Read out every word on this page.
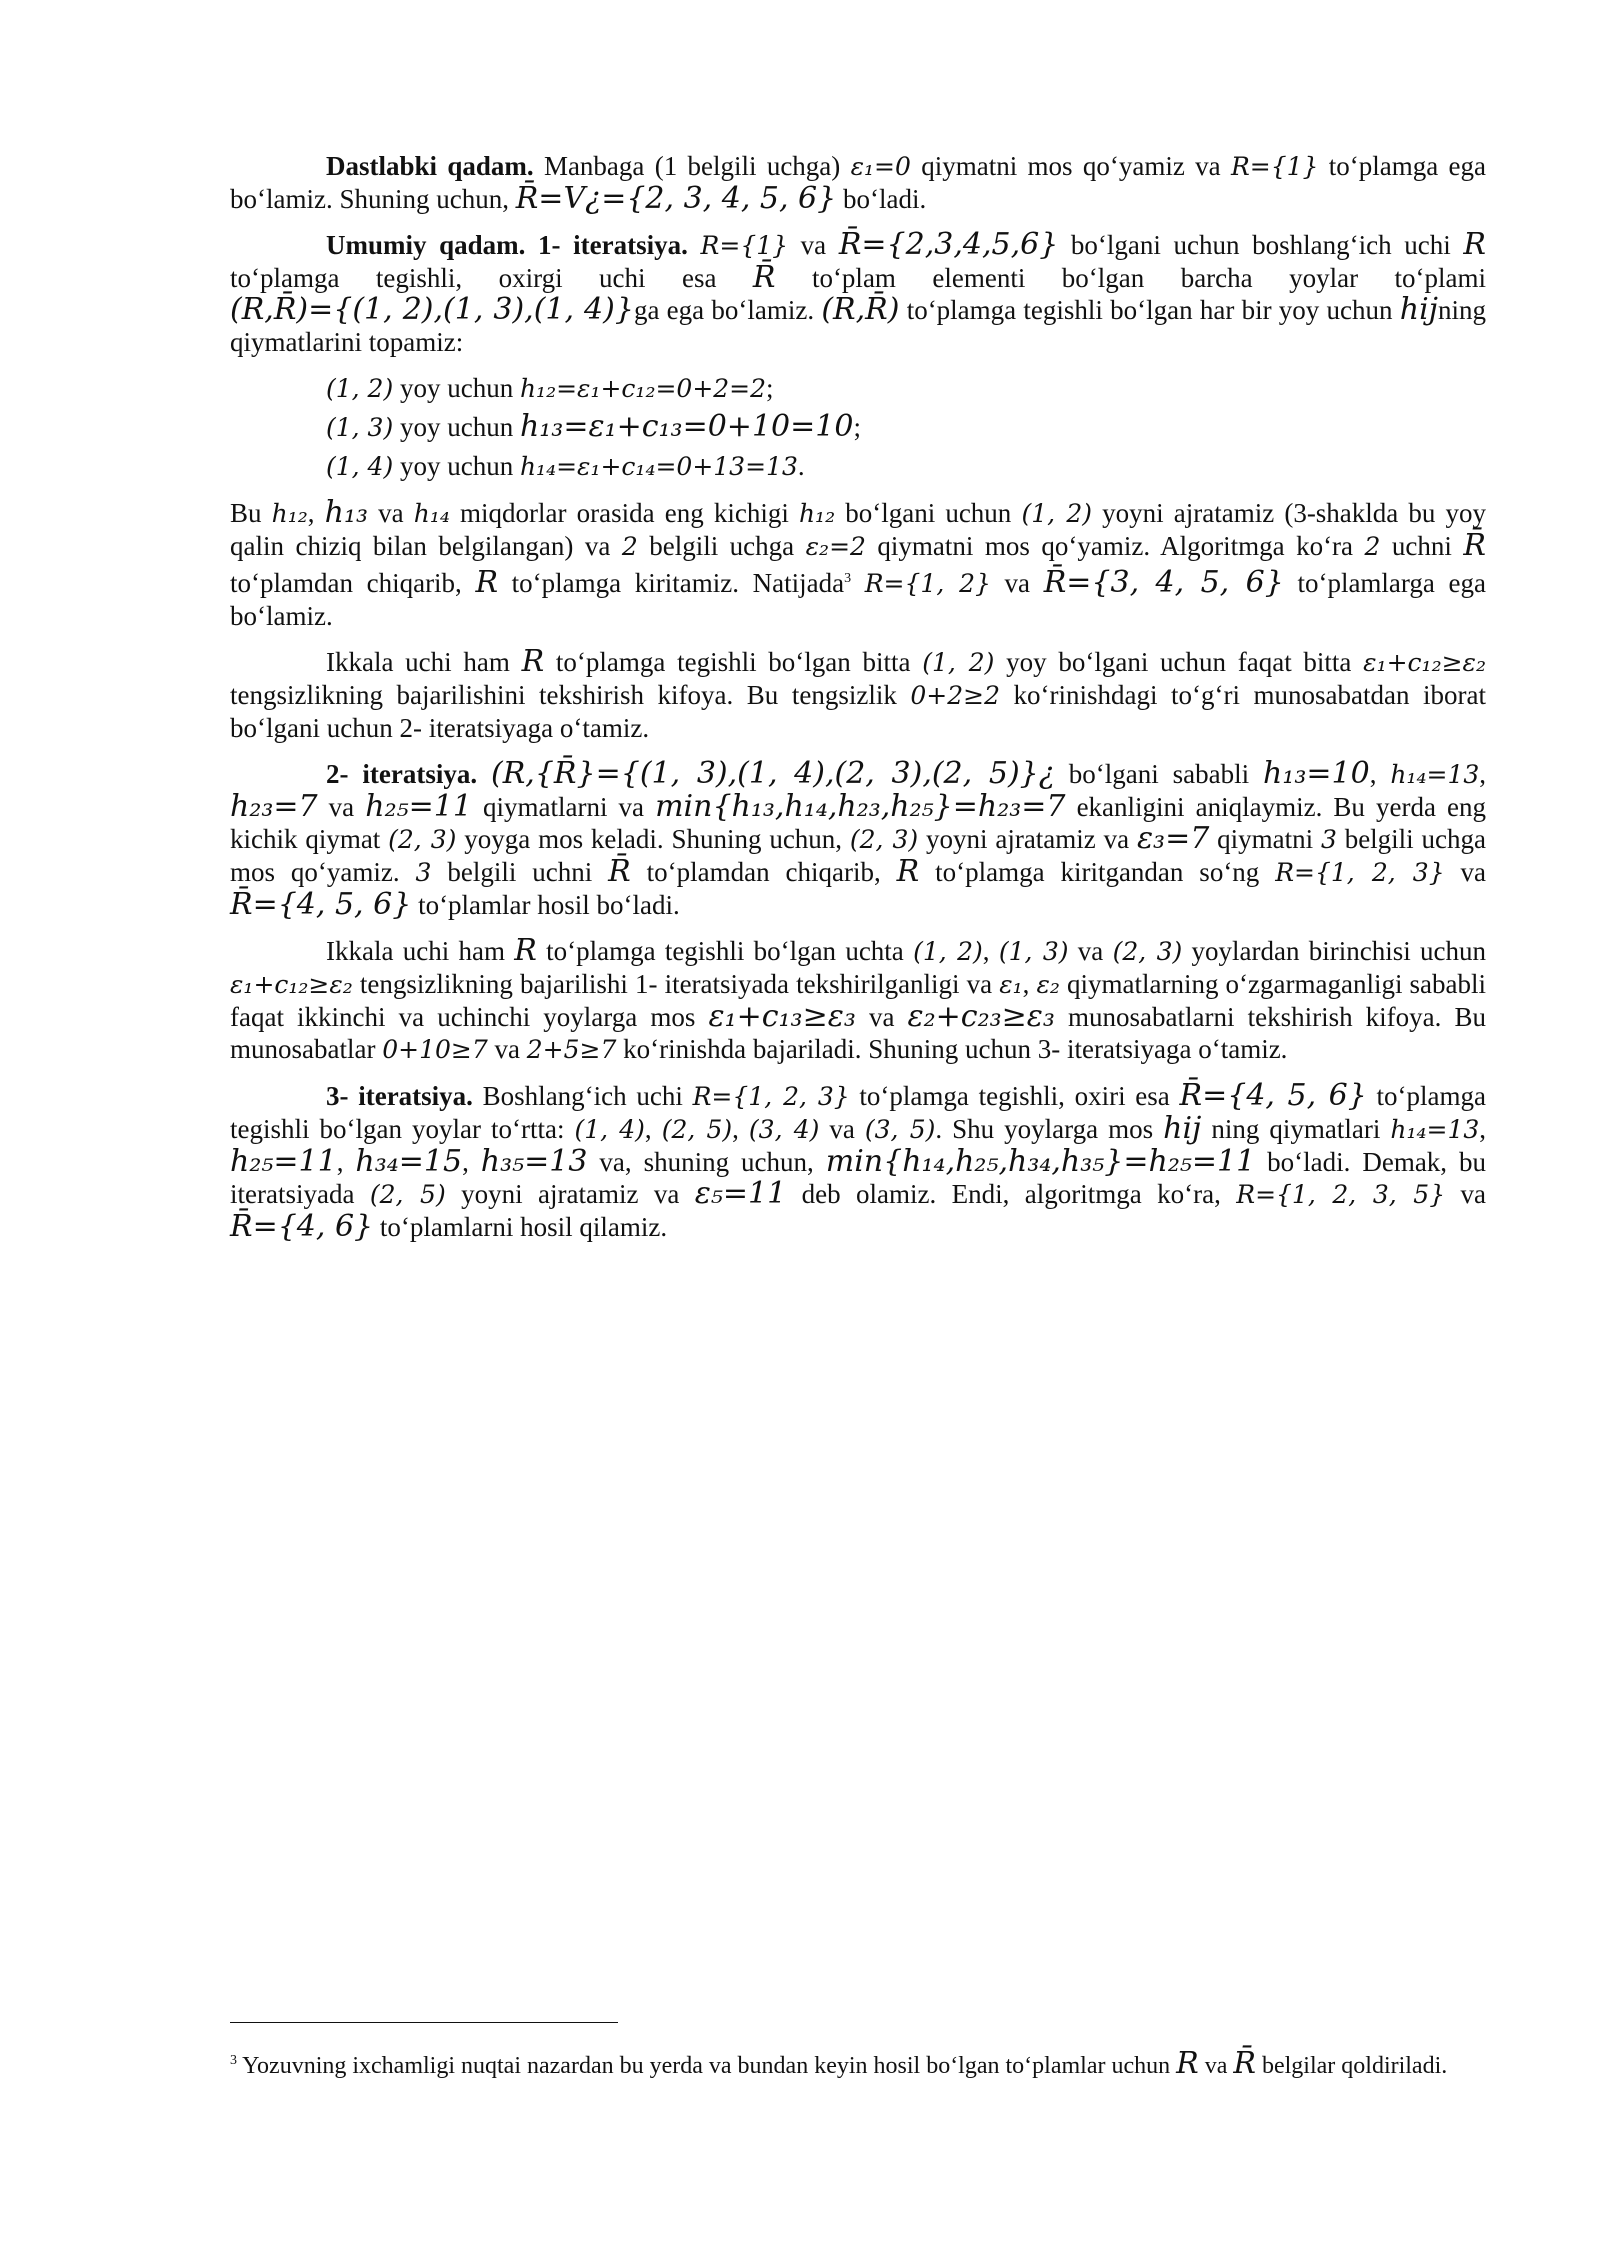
Dastlabki qadam. Manbaga (1 belgili uchga) ε₁=0 qiymatni mos qo‘yamiz va R={1} to‘plamga ega bo‘lamiz. Shuning uchun, R̄=V¿={2, 3, 4, 5, 6} bo‘ladi.

Umumiy qadam. 1- iteratsiya. R={1} va R̄={2,3,4,5,6} bo‘lgani uchun boshlang‘ich uchi R to‘plamga tegishli, oxirgi uchi esa R̄ to‘plam elementi bo‘lgan barcha yoylar to‘plami (R,R̄)={(1, 2),(1, 3),(1, 4)}ga ega bo‘lamiz. (R,R̄) to‘plamga tegishli bo‘lgan har bir yoy uchun hijning qiymatlarini topamiz:

(1, 2) yoy uchun h₁₂=ε₁+c₁₂=0+2=2;

(1, 3) yoy uchun h₁₃=ε₁+c₁₃=0+10=10;

(1, 4) yoy uchun h₁₄=ε₁+c₁₄=0+13=13.

Bu h₁₂, h₁₃ va h₁₄ miqdorlar orasida eng kichigi h₁₂ bo‘lgani uchun (1, 2) yoyni ajratamiz (3-shaklda bu yoy qalin chiziq bilan belgilangan) va 2 belgili uchga ε₂=2 qiymatni mos qo‘yamiz. Algoritmga ko‘ra 2 uchni R̄ to‘plamdan chiqarib, R to‘plamga kiritamiz. Natijada$^3$ R={1, 2} va R̄={3, 4, 5, 6} to‘plamlarga ega bo‘lamiz.

Ikkala uchi ham R to‘plamga tegishli bo‘lgan bitta (1, 2) yoy bo‘lgani uchun faqat bitta ε₁+c₁₂≥ε₂ tengsizlikning bajarilishini tekshirish kifoya. Bu tengsizlik 0+2≥2 ko‘rinishdagi to‘g‘ri munosabatdan iborat bo‘lgani uchun 2- iteratsiyaga o‘tamiz.

2- iteratsiya. (R,{R̄}={(1, 3),(1, 4),(2, 3),(2, 5)}¿ bo‘lgani sababli h₁₃=10, h₁₄=13, h₂₃=7 va h₂₅=11 qiymatlarni va min{h₁₃,h₁₄,h₂₃,h₂₅}=h₂₃=7 ekanligini aniqlaymiz. Bu yerda eng kichik qiymat (2, 3) yoyga mos keladi. Shuning uchun, (2, 3) yoyni ajratamiz va ε₃=7 qiymatni 3 belgili uchga mos qo‘yamiz. 3 belgili uchni R̄ to‘plamdan chiqarib, R to‘plamga kiritgandan so‘ng R={1, 2, 3} va R̄={4, 5, 6} to‘plamlar hosil bo‘ladi.

Ikkala uchi ham R to‘plamga tegishli bo‘lgan uchta (1, 2), (1, 3) va (2, 3) yoylardan birinchisi uchun ε₁+c₁₂≥ε₂ tengsizlikning bajarilishi 1- iteratsiyada tekshirilganligi va ε₁, ε₂ qiymatlarning o‘zgarmaganligi sababli faqat ikkinchi va uchinchi yoylarga mos ε₁+c₁₃≥ε₃ va ε₂+c₂₃≥ε₃ munosabatlarni tekshirish kifoya. Bu munosabatlar 0+10≥7 va 2+5≥7 ko‘rinishda bajariladi. Shuning uchun 3- iteratsiyaga o‘tamiz.

3- iteratsiya. Boshlang‘ich uchi R={1, 2, 3} to‘plamga tegishli, oxiri esa R̄={4, 5, 6} to‘plamga tegishli bo‘lgan yoylar to‘rtta: (1, 4), (2, 5), (3, 4) va (3, 5). Shu yoylarga mos hij ning qiymatlari h₁₄=13, h₂₅=11, h₃₄=15, h₃₅=13 va, shuning uchun, min{h₁₄,h₂₅,h₃₄,h₃₅}=h₂₅=11 bo‘ladi. Demak, bu iteratsiyada (2, 5) yoyni ajratamiz va ε₅=11 deb olamiz. Endi, algoritmga ko‘ra, R={1, 2, 3, 5} va R̄={4, 6} to‘plamlarni hosil qilamiz.

$^3$ Yozuvning ixchamligi nuqtai nazardan bu yerda va bundan keyin hosil bo‘lgan to‘plamlar uchun R va R̄ belgilar qoldiriladi.
